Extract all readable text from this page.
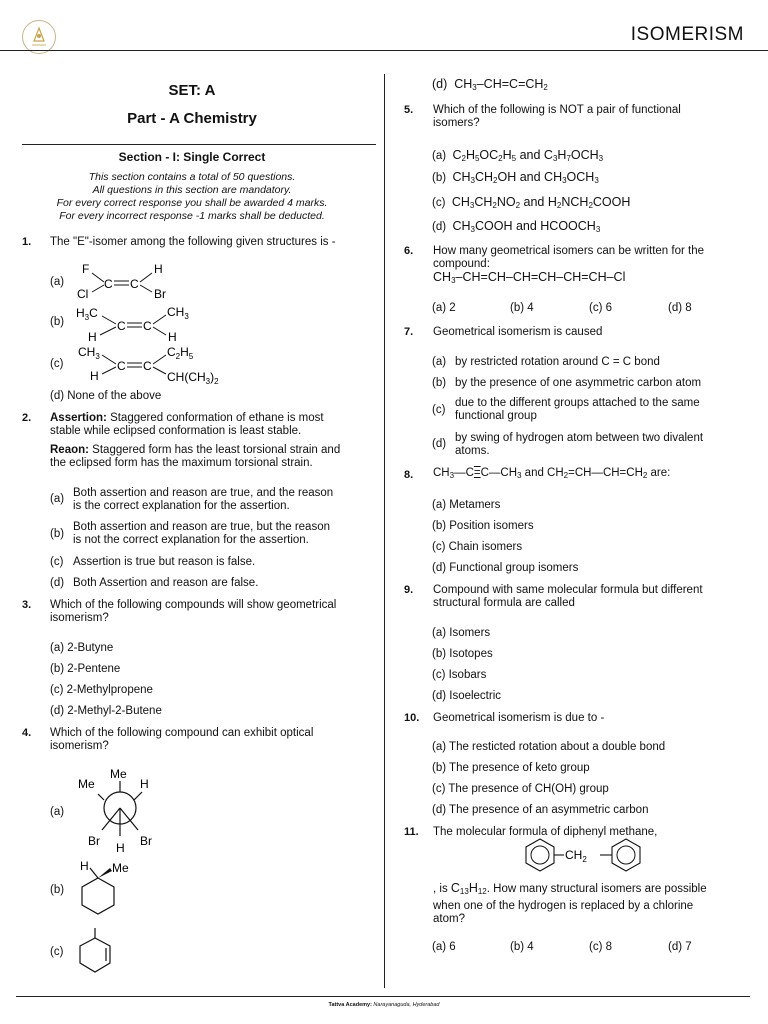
ISOMERISM
SET: A
Part - A Chemistry
Section - I: Single Correct
This section contains a total of 50 questions.
All questions in this section are mandatory.
For every correct response you shall be awarded 4 marks.
For every incorrect response -1 marks shall be deducted.
1. The "E"-isomer among the following given structures is -
(a)
F
Cl
C C
H
Br
(b)
$H_3C$
H
C C
$CH_3$
H
(c)
$CH_3$
H
C C
$C_2H_5$
$CH(CH_3)_2$
(d) None of the above
2. Assertion: Staggered conformation of ethane is most
stable while eclipsed conformation is least stable.
Reaon: Staggered form has the least torsional strain and
the eclipsed form has the maximum torsional strain.
(a) Both assertion and reason are true, and the reason
is the correct explanation for the assertion.
(b)
Both assertion and reason are true, but the reason
is not the correct explanation for the assertion.
(c) Assertion is true but reason is false.
(d) Both Assertion and reason are false.
3. Which of the following compounds will show geometrical
isomerism?
(a) 2-Butyne
(b) 2-Pentene
(c) 2-Methylpropene
(d) 2-Methyl-2-Butene
4. Which of the following compound can exhibit optical
isomerism?
(a)
Me
Me
H
Br H Br
(b)
H Me
(c)
(d)  $CH_3-CH=C=CH_2$
5. Which of the following is NOT a pair of functional
isomers?
(a) $C_2H_5OC_2H_5$ and $C_3H_7OCH_3$
(b) $CH_3CH_2OH$ and $CH_3OCH_3$
(c) $CH_3CH_2NO_2$ and $H_2NCH_2COOH$
(d) $CH_3COOH$ and $HCOOCH_3$
6. How many geometrical isomers can be written for the
compound:
$CH_3-CH=CH-CH=CH-CH=CH-Cl$
(a) 2	(b) 4	(c) 6	(d) 8
7. Geometrical isomerism is caused
(a) by restricted rotation around C = C bond
(b) by the presence of one asymmetric carbon atom
(c)
due to the different groups attached to the same
functional group
(d) by swing of hydrogen atom between two divalent
atoms.
8. $CH_3—C=C—CH_3$ and $CH_2=CH—CH=CH_2$ are:
(a) Metamers
(b) Position isomers
(c) Chain isomers
(d) Functional group isomers
9. Compound with same molecular formula but different
structural formula are called
(a) Isomers
(b) Isotopes
(c) Isobars
(d) Isoelectric
10. Geometrical isomerism is due to -
(a) The resticted rotation about a double bond
(b) The presence of keto group
(c) The presence of CH(OH) group
(d) The presence of an asymmetric carbon
11. The molecular formula of diphenyl methane,
$CH_2$
, is $C_{13}H_{12}$. How many structural isomers are possible
when one of the hydrogen is replaced by a chlorine
atom?
(a) 6	(b) 4	(c) 8	(d) 7
Tattva Academy: Narayanaguda, Hyderabad
